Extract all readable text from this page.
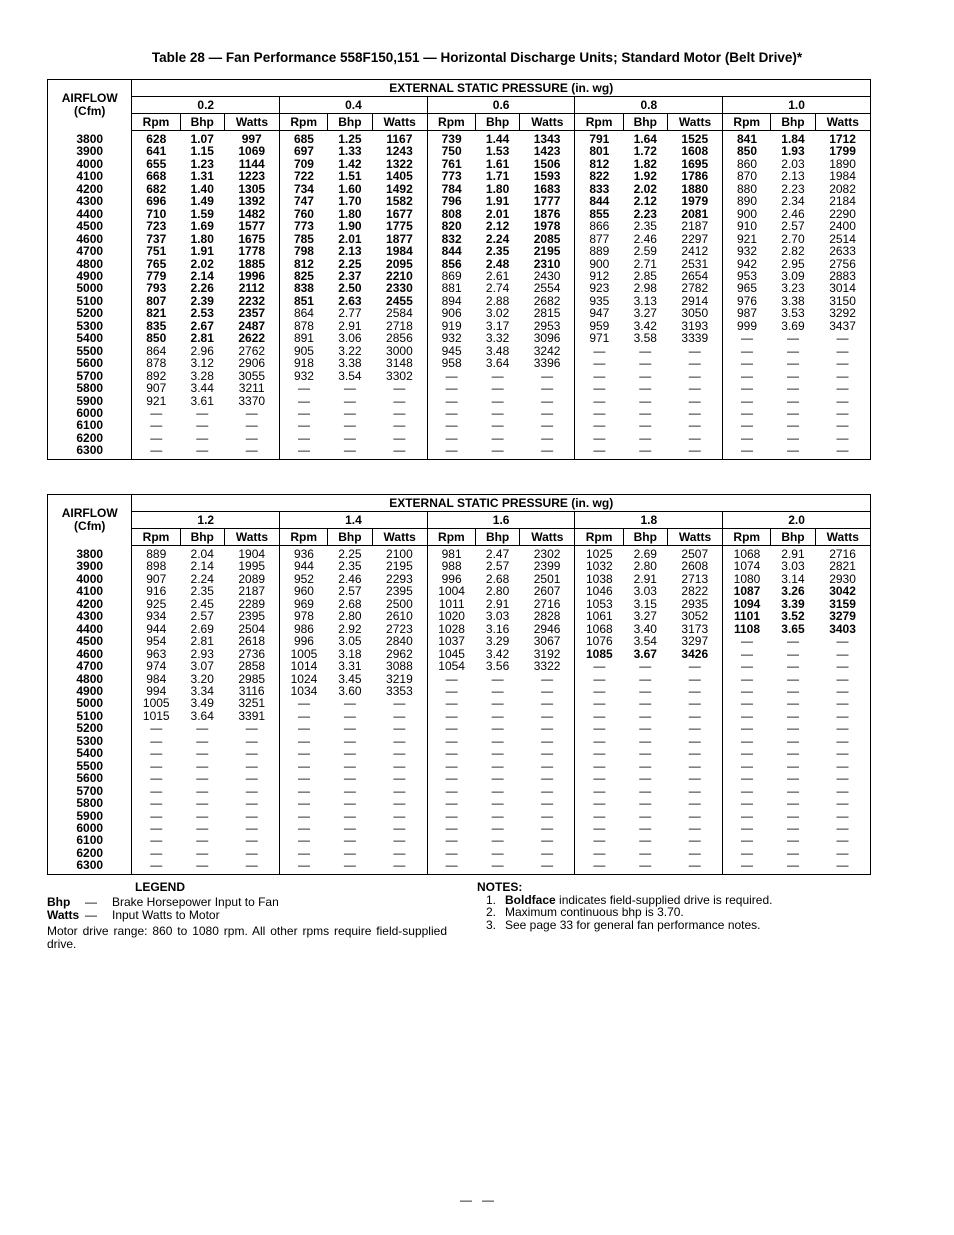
Table 28 — Fan Performance 558F150,151 — Horizontal Discharge Units; Standard Motor (Belt Drive)*
AIRFLOW
(Cfm)	EXTERNAL STATIC PRESSURE (in. wg)														
	0.2			0.4			0.6			0.8			1.0		
	Rpm	Bhp	Watts	Rpm	Bhp	Watts	Rpm	Bhp	Watts	Rpm	Bhp	Watts	Rpm	Bhp	Watts
3800	628	1.07	997	685	1.25	1167	739	1.44	1343	791	1.64	1525	841	1.84	1712
3900	641	1.15	1069	697	1.33	1243	750	1.53	1423	801	1.72	1608	850	1.93	1799
4000	655	1.23	1144	709	1.42	1322	761	1.61	1506	812	1.82	1695	860	2.03	1890
4100	668	1.31	1223	722	1.51	1405	773	1.71	1593	822	1.92	1786	870	2.13	1984
4200	682	1.40	1305	734	1.60	1492	784	1.80	1683	833	2.02	1880	880	2.23	2082
4300	696	1.49	1392	747	1.70	1582	796	1.91	1777	844	2.12	1979	890	2.34	2184
4400	710	1.59	1482	760	1.80	1677	808	2.01	1876	855	2.23	2081	900	2.46	2290
4500	723	1.69	1577	773	1.90	1775	820	2.12	1978	866	2.35	2187	910	2.57	2400
4600	737	1.80	1675	785	2.01	1877	832	2.24	2085	877	2.46	2297	921	2.70	2514
4700	751	1.91	1778	798	2.13	1984	844	2.35	2195	889	2.59	2412	932	2.82	2633
4800	765	2.02	1885	812	2.25	2095	856	2.48	2310	900	2.71	2531	942	2.95	2756
4900	779	2.14	1996	825	2.37	2210	869	2.61	2430	912	2.85	2654	953	3.09	2883
5000	793	2.26	2112	838	2.50	2330	881	2.74	2554	923	2.98	2782	965	3.23	3014
5100	807	2.39	2232	851	2.63	2455	894	2.88	2682	935	3.13	2914	976	3.38	3150
5200	821	2.53	2357	864	2.77	2584	906	3.02	2815	947	3.27	3050	987	3.53	3292
5300	835	2.67	2487	878	2.91	2718	919	3.17	2953	959	3.42	3193	999	3.69	3437
5400	850	2.81	2622	891	3.06	2856	932	3.32	3096	971	3.58	3339	—	—	—
5500	864	2.96	2762	905	3.22	3000	945	3.48	3242	—	—	—	—	—	—
5600	878	3.12	2906	918	3.38	3148	958	3.64	3396	—	—	—	—	—	—
5700	892	3.28	3055	932	3.54	3302	—	—	—	—	—	—	—	—	—
5800	907	3.44	3211	—	—	—	—	—	—	—	—	—	—	—	—
5900	921	3.61	3370	—	—	—	—	—	—	—	—	—	—	—	—
6000	—	—	—	—	—	—	—	—	—	—	—	—	—	—	—
6100	—	—	—	—	—	—	—	—	—	—	—	—	—	—	—
6200	—	—	—	—	—	—	—	—	—	—	—	—	—	—	—
6300	—	—	—	—	—	—	—	—	—	—	—	—	—	—	—
AIRFLOW
(Cfm)	EXTERNAL STATIC PRESSURE (in. wg)														
	1.2			1.4			1.6			1.8			2.0		
	Rpm	Bhp	Watts	Rpm	Bhp	Watts	Rpm	Bhp	Watts	Rpm	Bhp	Watts	Rpm	Bhp	Watts
3800	889	2.04	1904	936	2.25	2100	981	2.47	2302	1025	2.69	2507	1068	2.91	2716
3900	898	2.14	1995	944	2.35	2195	988	2.57	2399	1032	2.80	2608	1074	3.03	2821
4000	907	2.24	2089	952	2.46	2293	996	2.68	2501	1038	2.91	2713	1080	3.14	2930
4100	916	2.35	2187	960	2.57	2395	1004	2.80	2607	1046	3.03	2822	1087	3.26	3042
4200	925	2.45	2289	969	2.68	2500	1011	2.91	2716	1053	3.15	2935	1094	3.39	3159
4300	934	2.57	2395	978	2.80	2610	1020	3.03	2828	1061	3.27	3052	1101	3.52	3279
4400	944	2.69	2504	986	2.92	2723	1028	3.16	2946	1068	3.40	3173	1108	3.65	3403
4500	954	2.81	2618	996	3.05	2840	1037	3.29	3067	1076	3.54	3297	—	—	—
4600	963	2.93	2736	1005	3.18	2962	1045	3.42	3192	1085	3.67	3426	—	—	—
4700	974	3.07	2858	1014	3.31	3088	1054	3.56	3322	—	—	—	—	—	—
4800	984	3.20	2985	1024	3.45	3219	—	—	—	—	—	—	—	—	—
4900	994	3.34	3116	1034	3.60	3353	—	—	—	—	—	—	—	—	—
5000	1005	3.49	3251	—	—	—	—	—	—	—	—	—	—	—	—
5100	1015	3.64	3391	—	—	—	—	—	—	—	—	—	—	—	—
5200	—	—	—	—	—	—	—	—	—	—	—	—	—	—	—
5300	—	—	—	—	—	—	—	—	—	—	—	—	—	—	—
5400	—	—	—	—	—	—	—	—	—	—	—	—	—	—	—
5500	—	—	—	—	—	—	—	—	—	—	—	—	—	—	—
5600	—	—	—	—	—	—	—	—	—	—	—	—	—	—	—
5700	—	—	—	—	—	—	—	—	—	—	—	—	—	—	—
5800	—	—	—	—	—	—	—	—	—	—	—	—	—	—	—
5900	—	—	—	—	—	—	—	—	—	—	—	—	—	—	—
6000	—	—	—	—	—	—	—	—	—	—	—	—	—	—	—
6100	—	—	—	—	—	—	—	—	—	—	—	—	—	—	—
6200	—	—	—	—	—	—	—	—	—	—	—	—	—	—	—
6300	—	—	—	—	—	—	—	—	—	—	—	—	—	—	—
LEGEND
Bhp	—	Brake Horsepower Input to Fan
Watts —	Input Watts to Motor
Motor drive range: 860 to 1080 rpm. All other rpms require field-supplied drive.
NOTES:
1. Boldface indicates field-supplied drive is required.
2. Maximum continuous bhp is 3.70.
3. See page 33 for general fan performance notes.
—   —
